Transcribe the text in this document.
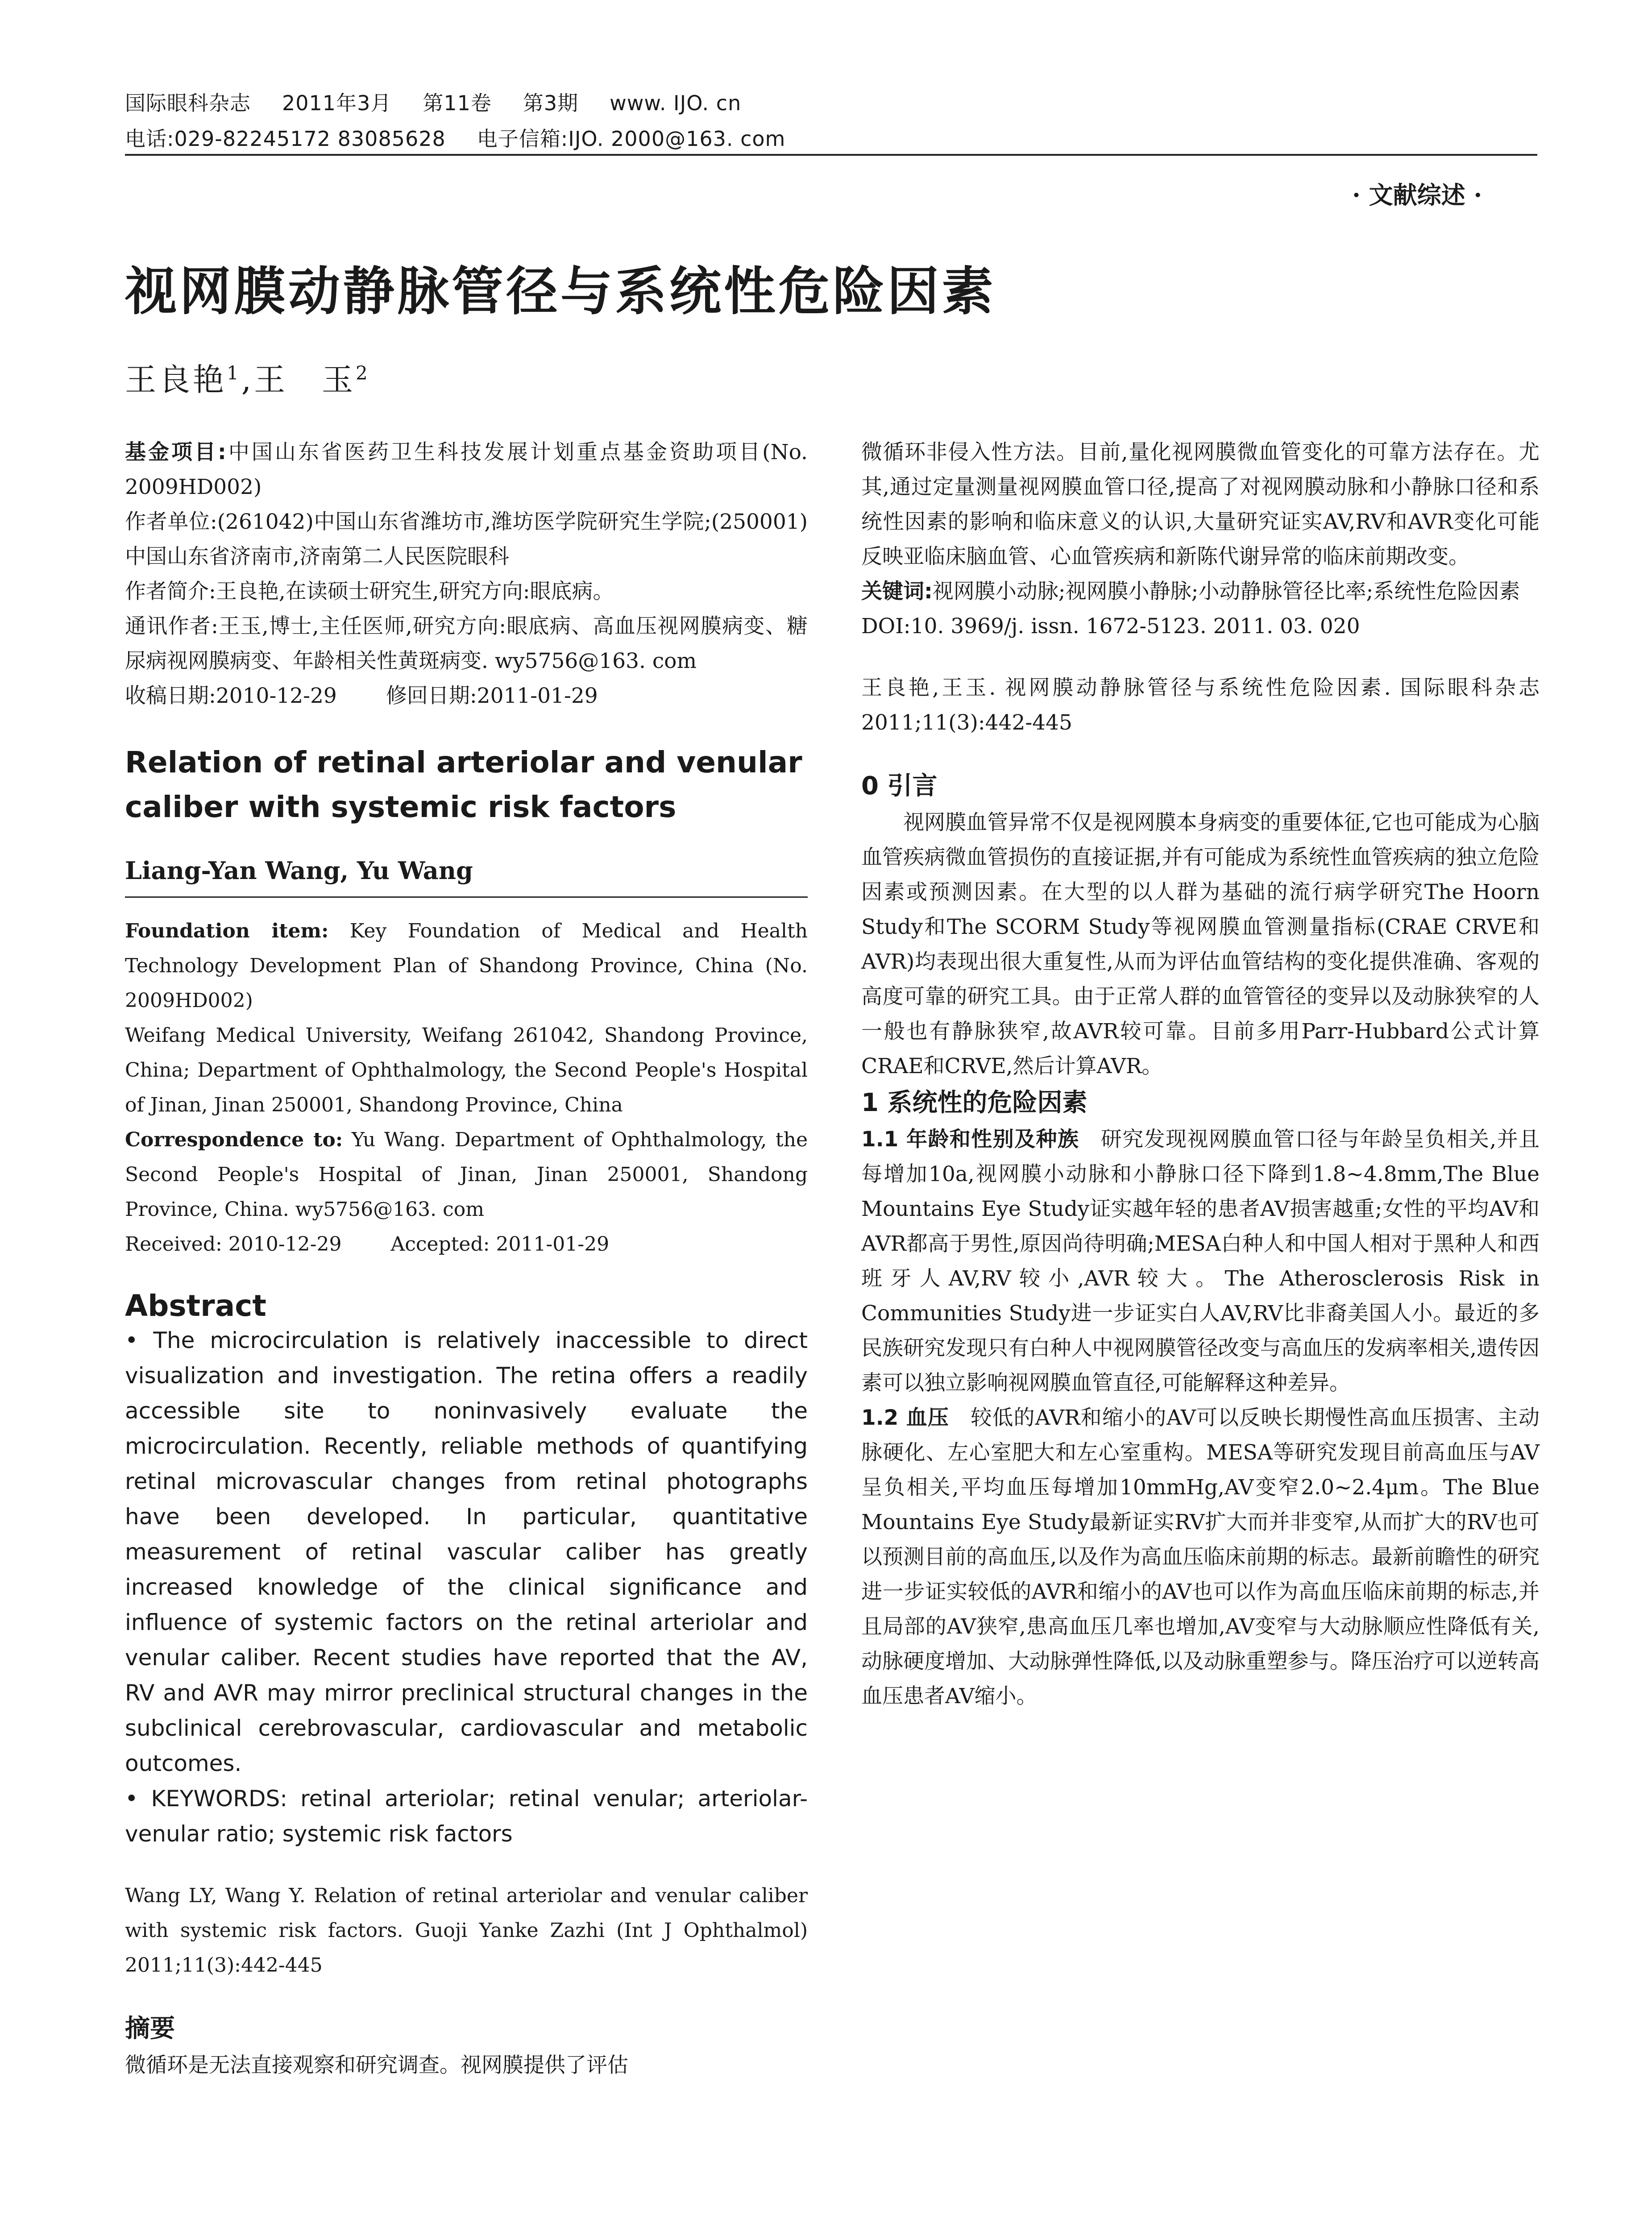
国际眼科杂志 2011年3月 第11卷 第3期 www. IJO. cn
电话:029-82245172 83085628 电子信箱:IJO. 2000@163. com
· 文献综述 ·
视网膜动静脉管径与系统性危险因素
王良艳$^1$,王　玉$^2$

基金项目:中国山东省医药卫生科技发展计划重点基金资助项目(No. 2009HD002)

作者单位:(261042)中国山东省潍坊市,潍坊医学院研究生学院;(250001)中国山东省济南市,济南第二人民医院眼科

作者简介:王良艳,在读硕士研究生,研究方向:眼底病。

通讯作者:王玉,博士,主任医师,研究方向:眼底病、高血压视网膜病变、糖尿病视网膜病变、年龄相关性黄斑病变. wy5756@163. com

收稿日期:2010-12-29 修回日期:2011-01-29

Relation of retinal arteriolar and venular caliber with systemic risk factors

Liang-Yan Wang, Yu Wang

Foundation item: Key Foundation of Medical and Health Technology Development Plan of Shandong Province, China (No. 2009HD002)

Weifang Medical University, Weifang 261042, Shandong Province, China; Department of Ophthalmology, the Second People's Hospital of Jinan, Jinan 250001, Shandong Province, China

Correspondence to: Yu Wang. Department of Ophthalmology, the Second People's Hospital of Jinan, Jinan 250001, Shandong Province, China. wy5756@163. com

Received: 2010-12-29	Accepted: 2011-01-29

Abstract

• The microcirculation is relatively inaccessible to direct visualization and investigation. The retina offers a readily accessible site to noninvasively evaluate the microcirculation. Recently, reliable methods of quantifying retinal microvascular changes from retinal photographs have been developed. In particular, quantitative measurement of retinal vascular caliber has greatly increased knowledge of the clinical significance and influence of systemic factors on the retinal arteriolar and venular caliber. Recent studies have reported that the AV, RV and AVR may mirror preclinical structural changes in the subclinical cerebrovascular, cardiovascular and metabolic outcomes.

• KEYWORDS: retinal arteriolar; retinal venular; arteriolar-venular ratio; systemic risk factors

Wang LY, Wang Y. Relation of retinal arteriolar and venular caliber with systemic risk factors. Guoji Yanke Zazhi (Int J Ophthalmol) 2011;11(3):442-445

摘要

微循环是无法直接观察和研究调查。视网膜提供了评估

微循环非侵入性方法。目前,量化视网膜微血管变化的可靠方法存在。尤其,通过定量测量视网膜血管口径,提高了对视网膜动脉和小静脉口径和系统性因素的影响和临床意义的认识,大量研究证实AV,RV和AVR变化可能反映亚临床脑血管、心血管疾病和新陈代谢异常的临床前期改变。

关键词:视网膜小动脉;视网膜小静脉;小动静脉管径比率;系统性危险因素

DOI:10. 3969/j. issn. 1672-5123. 2011. 03. 020

王良艳,王玉. 视网膜动静脉管径与系统性危险因素. 国际眼科杂志 2011;11(3):442-445

0 引言

视网膜血管异常不仅是视网膜本身病变的重要体征,它也可能成为心脑血管疾病微血管损伤的直接证据,并有可能成为系统性血管疾病的独立危险因素或预测因素。在大型的以人群为基础的流行病学研究The Hoorn Study和The SCORM Study等视网膜血管测量指标(CRAE CRVE和AVR)均表现出很大重复性,从而为评估血管结构的变化提供准确、客观的高度可靠的研究工具。由于正常人群的血管管径的变异以及动脉狭窄的人一般也有静脉狭窄,故AVR较可靠。目前多用Parr-Hubbard公式计算CRAE和CRVE,然后计算AVR。

1 系统性的危险因素

1.1 年龄和性别及种族　 研究发现视网膜血管口径与年龄呈负相关,并且每增加10a,视网膜小动脉和小静脉口径下降到1.8~4.8mm,The Blue Mountains Eye Study证实越年轻的患者AV损害越重;女性的平均AV和AVR都高于男性,原因尚待明确;MESA白种人和中国人相对于黑种人和西班牙人AV,RV较小,AVR较大。The Atherosclerosis Risk in Communities Study进一步证实白人AV,RV比非裔美国人小。最近的多民族研究发现只有白种人中视网膜管径改变与高血压的发病率相关,遗传因素可以独立影响视网膜血管直径,可能解释这种差异。

1.2 血压　 较低的AVR和缩小的AV可以反映长期慢性高血压损害、主动脉硬化、左心室肥大和左心室重构。MESA等研究发现目前高血压与AV呈负相关,平均血压每增加10mmHg,AV变窄2.0~2.4μm。The Blue Mountains Eye Study最新证实RV扩大而并非变窄,从而扩大的RV也可以预测目前的高血压,以及作为高血压临床前期的标志。最新前瞻性的研究进一步证实较低的AVR和缩小的AV也可以作为高血压临床前期的标志,并且局部的AV狭窄,患高血压几率也增加,AV变窄与大动脉顺应性降低有关,动脉硬度增加、大动脉弹性降低,以及动脉重塑参与。降压治疗可以逆转高血压患者AV缩小。
